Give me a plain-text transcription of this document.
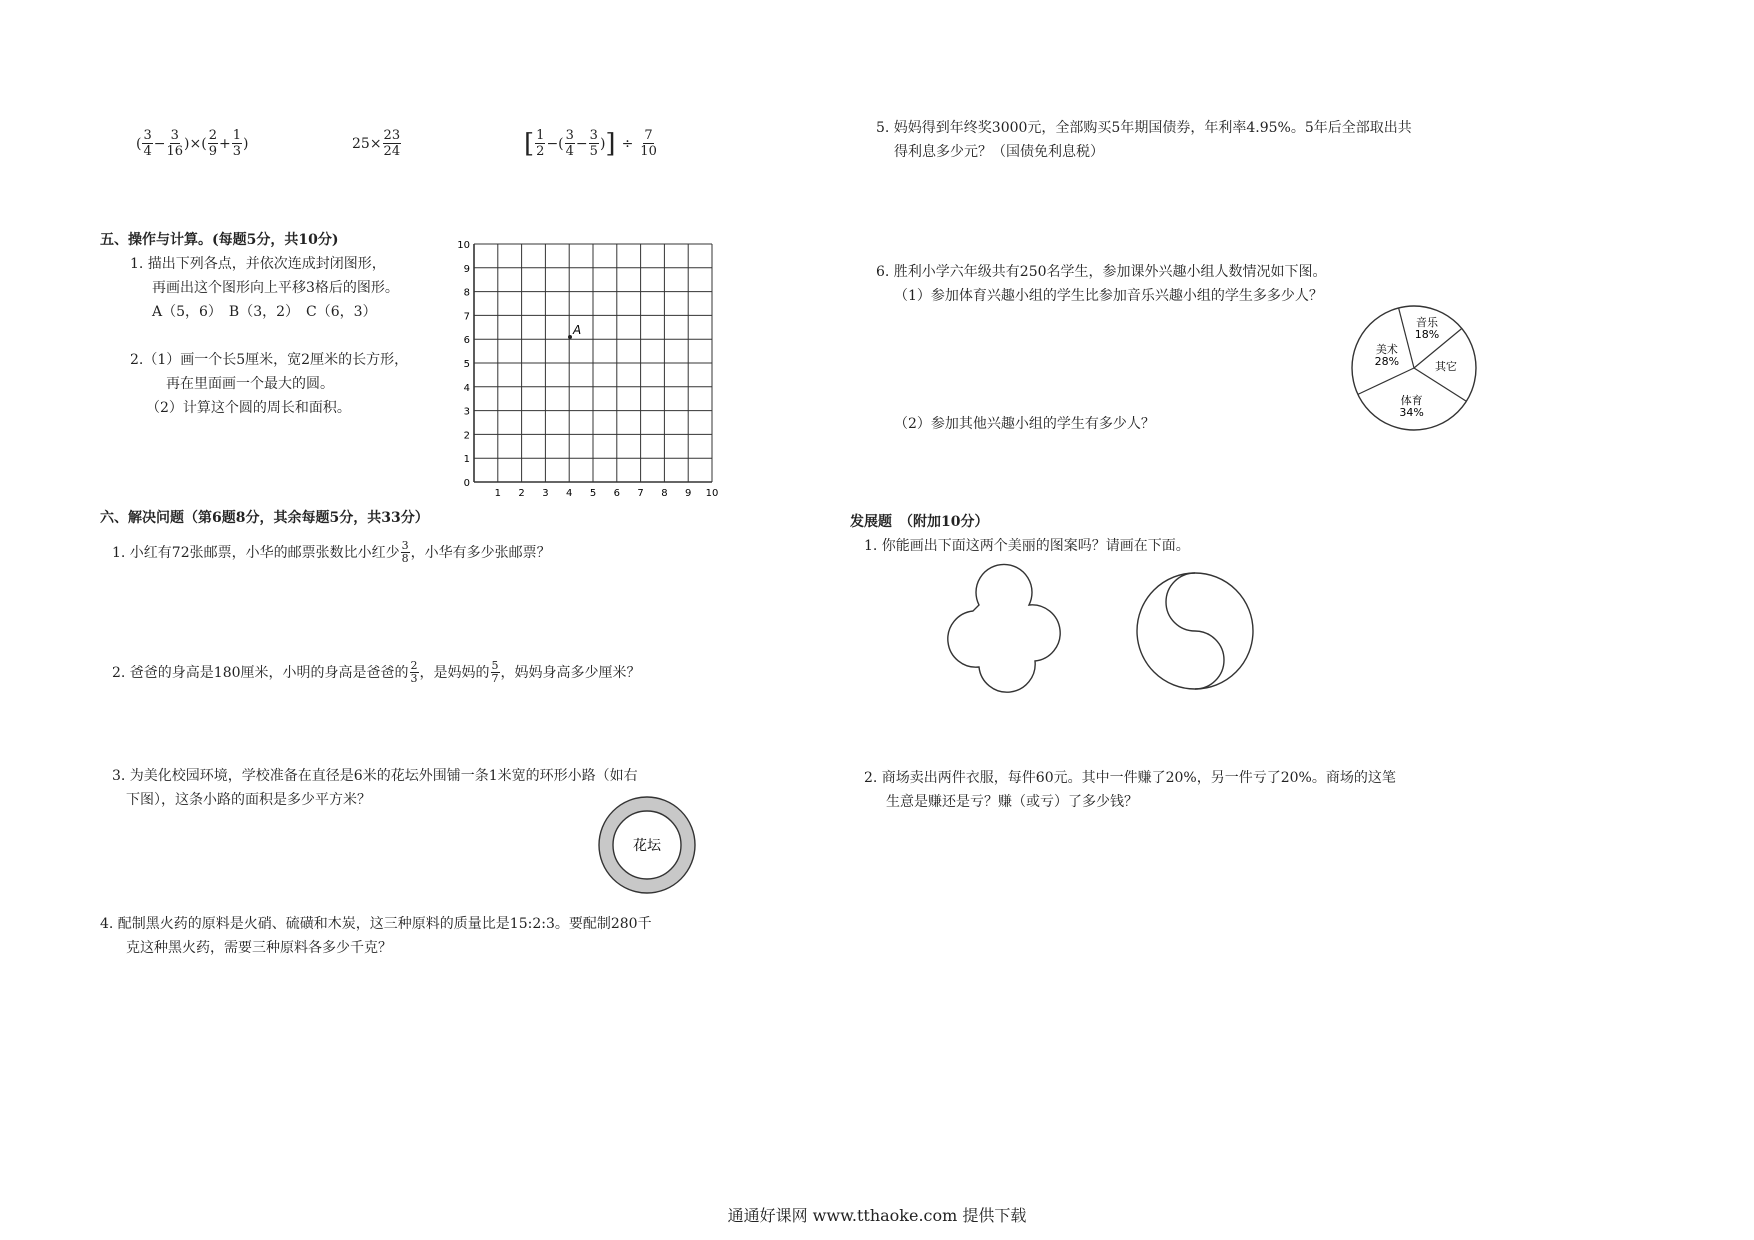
( $\frac{3}{4} - \frac{3}{16}$ )×( $\frac{2}{9} + \frac{1}{3}$ )	$25\times \frac{23}{24}$	[ $\frac{1}{2}$ −( $\frac{3}{4} - \frac{3}{5}$ ) ] ÷ $\frac{7}{10}$
五、操作与计算。(每题5分，共10分)
1. 描出下列各点，并依次连成封闭图形，
再画出这个图形向上平移3格后的图形。
A（5，6）　B（3，2）　C（6，3）
2.（1）画一个长5厘米，宽2厘米的长方形，
再在里面画一个最大的圆。
（2）计算这个圆的周长和面积。
1 2 3 4 5 6 7 8 9 10
0
1
2
3
4
5
6
7
8
9
10
A
六、解决问题（第6题8分，其余每题5分，共33分）
1. 小红有72张邮票，小华的邮票张数比小红少 $\frac{3}{8}$ ，小华有多少张邮票？
2. 爸爸的身高是180厘米，小明的身高是爸爸的 $\frac{2}{3}$ ，是妈妈的 $\frac{5}{7}$ ，妈妈身高多少厘米？
3. 为美化校园环境，学校准备在直径是6米的花坛外围铺一条1米宽的环形小路（如右
下图），这条小路的面积是多少平方米？
花坛
4. 配制黑火药的原料是火硝、硫磺和木炭，这三种原料的质量比是15:2:3。要配制280千
克这种黑火药，需要三种原料各多少千克？
5. 妈妈得到年终奖3000元，全部购买5年期国债券，年利率4.95%。5年后全部取出共
得利息多少元？（国债免利息税）
6. 胜利小学六年级共有250名学生，参加课外兴趣小组人数情况如下图。
（1）参加体育兴趣小组的学生比参加音乐兴趣小组的学生多多少人？
（2）参加其他兴趣小组的学生有多少人？
其它
体育
34%
美术
28%
音乐
18%
发展题　（附加10分）
1. 你能画出下面这两个美丽的图案吗？请画在下面。
2. 商场卖出两件衣服，每件60元。其中一件赚了20%，另一件亏了20%。商场的这笔
生意是赚还是亏？赚（或亏）了多少钱？
通通好课网 www.tthaoke.com 提供下载
